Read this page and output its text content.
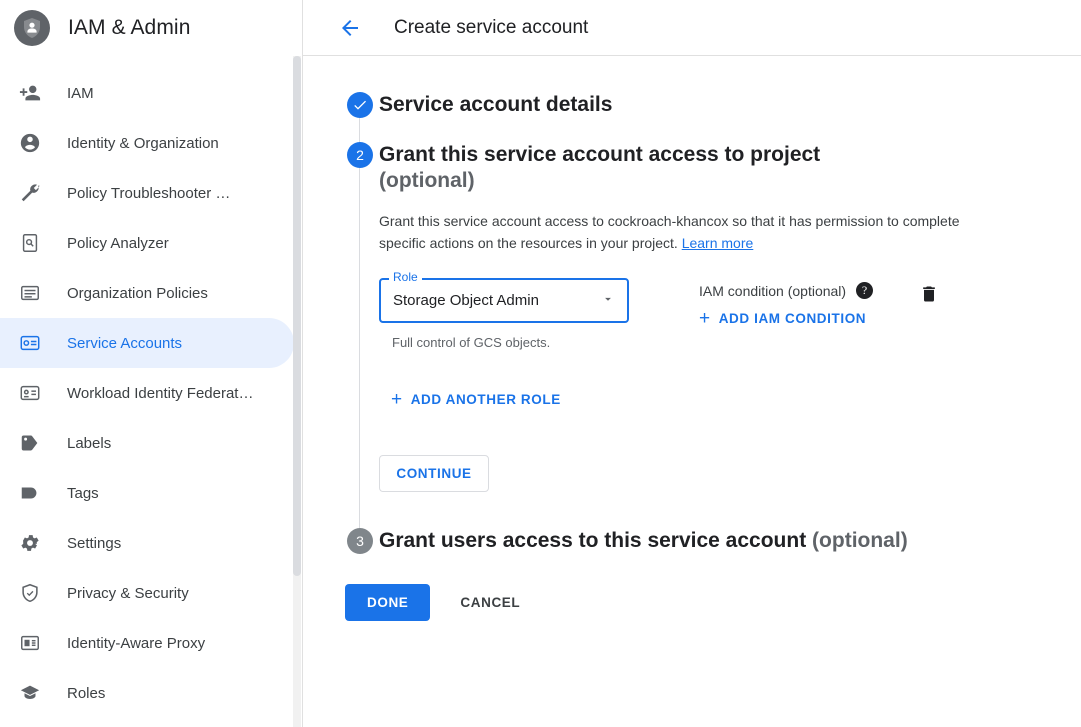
IAM & Admin
IAM
Identity & Organization
Policy Troubleshooter …
Policy Analyzer
Organization Policies
Service Accounts
Workload Identity Federat…
Labels
Tags
Settings
Privacy & Security
Identity-Aware Proxy
Roles
Create service account
Service account details
2 Grant this service account access to project
(optional)
Grant this service account access to cockroach-khancox so that it has permission to complete specific actions on the resources in your project. Learn more
Role
Storage Object Admin
Full control of GCS objects.
IAM condition (optional)	?
+ ADD IAM CONDITION
+ ADD ANOTHER ROLE
CONTINUE
3 Grant users access to this service account (optional)
DONE	CANCEL
